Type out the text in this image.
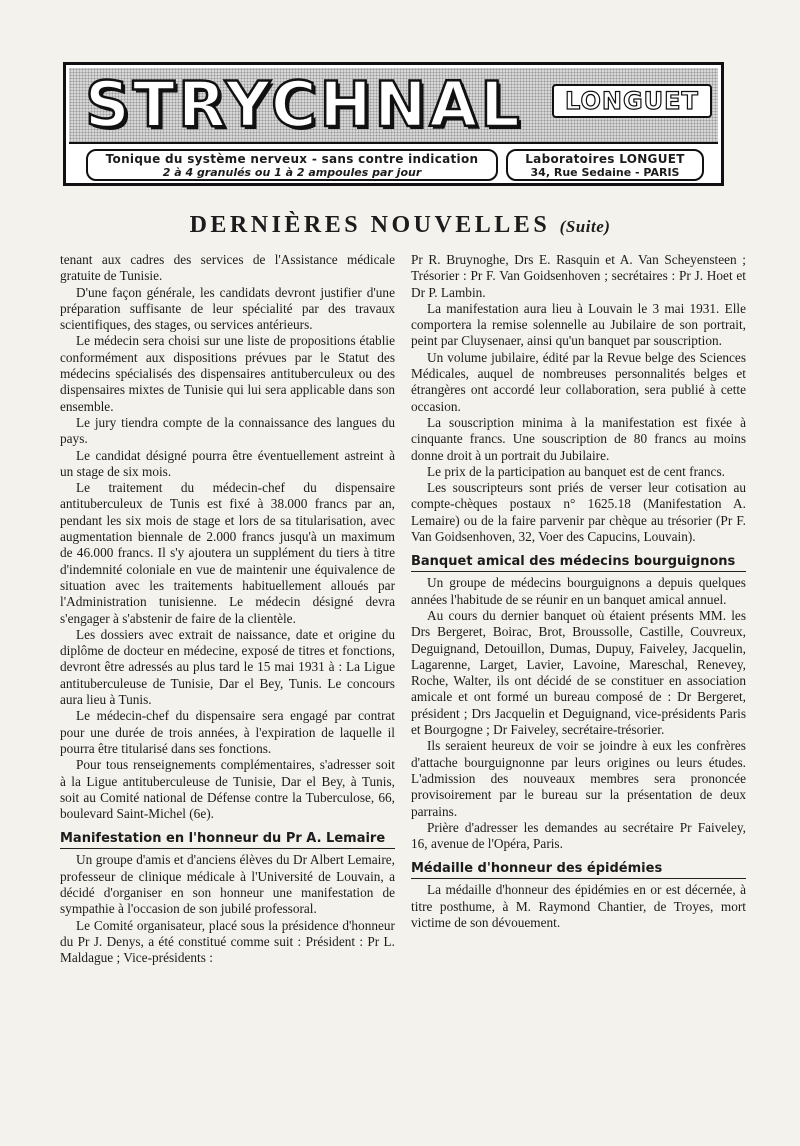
STRYCHNAL	LONGUET
Tonique du système nerveux - sans contre indication
2 à 4 granulés ou 1 à 2 ampoules par jour
Laboratoires LONGUET
34, Rue Sedaine - PARIS
DERNIÈRES NOUVELLES (Suite)

tenant aux cadres des services de l'Assistance médicale gratuite de Tunisie.

D'une façon générale, les candidats devront justifier d'une préparation suffisante de leur spécialité par des travaux scientifiques, des stages, ou services antérieurs.

Le médecin sera choisi sur une liste de propositions établie conformément aux dispositions prévues par le Statut des médecins spécialisés des dispensaires antituberculeux ou des dispensaires mixtes de Tunisie qui lui sera applicable dans son ensemble.

Le jury tiendra compte de la connaissance des langues du pays.

Le candidat désigné pourra être éventuellement astreint à un stage de six mois.

Le traitement du médecin-chef du dispensaire antituberculeux de Tunis est fixé à 38.000 francs par an, pendant les six mois de stage et lors de sa titularisation, avec augmentation biennale de 2.000 francs jusqu'à un maximum de 46.000 francs. Il s'y ajoutera un supplément du tiers à titre d'indemnité coloniale en vue de maintenir une équivalence de situation avec les traitements habituellement alloués par l'Administration tunisienne. Le médecin désigné devra s'engager à s'abstenir de faire de la clientèle.

Les dossiers avec extrait de naissance, date et origine du diplôme de docteur en médecine, exposé de titres et fonctions, devront être adressés au plus tard le 15 mai 1931 à : La Ligue antituberculeuse de Tunisie, Dar el Bey, Tunis. Le concours aura lieu à Tunis.

Le médecin-chef du dispensaire sera engagé par contrat pour une durée de trois années, à l'expiration de laquelle il pourra être titularisé dans ses fonctions.

Pour tous renseignements complémentaires, s'adresser soit à la Ligue antituberculeuse de Tunisie, Dar el Bey, à Tunis, soit au Comité national de Défense contre la Tuberculose, 66, boulevard Saint-Michel (6e).

Manifestation en l'honneur du Pr A. Lemaire

Un groupe d'amis et d'anciens élèves du Dr Albert Lemaire, professeur de clinique médicale à l'Université de Louvain, a décidé d'organiser en son honneur une manifestation de sympathie à l'occasion de son jubilé professoral.

Le Comité organisateur, placé sous la présidence d'honneur du Pr J. Denys, a été constitué comme suit : Président : Pr L. Maldague ; Vice-présidents :

Pr R. Bruynoghe, Drs E. Rasquin et A. Van Scheyensteen ; Trésorier : Pr F. Van Goidsenhoven ; secrétaires : Pr J. Hoet et Dr P. Lambin.

La manifestation aura lieu à Louvain le 3 mai 1931. Elle comportera la remise solennelle au Jubilaire de son portrait, peint par Cluysenaer, ainsi qu'un banquet par souscription.

Un volume jubilaire, édité par la Revue belge des Sciences Médicales, auquel de nombreuses personnalités belges et étrangères ont accordé leur collaboration, sera publié à cette occasion.

La souscription minima à la manifestation est fixée à cinquante francs. Une souscription de 80 francs au moins donne droit à un portrait du Jubilaire.

Le prix de la participation au banquet est de cent francs.

Les souscripteurs sont priés de verser leur cotisation au compte-chèques postaux n° 1625.18 (Manifestation A. Lemaire) ou de la faire parvenir par chèque au trésorier (Pr F. Van Goidsenhoven, 32, Voer des Capucins, Louvain).

Banquet amical des médecins bourguignons

Un groupe de médecins bourguignons a depuis quelques années l'habitude de se réunir en un banquet amical annuel.

Au cours du dernier banquet où étaient présents MM. les Drs Bergeret, Boirac, Brot, Broussolle, Castille, Couvreux, Deguignand, Detouillon, Dumas, Dupuy, Faiveley, Jacquelin, Lagarenne, Larget, Lavier, Lavoine, Mareschal, Renevey, Roche, Walter, ils ont décidé de se constituer en association amicale et ont formé un bureau composé de : Dr Bergeret, président ; Drs Jacquelin et Deguignand, vice-présidents Paris et Bourgogne ; Dr Faiveley, secrétaire-trésorier.

Ils seraient heureux de voir se joindre à eux les confrères d'attache bourguignonne par leurs origines ou leurs études. L'admission des nouveaux membres sera prononcée provisoirement par le bureau sur la présentation de deux parrains.

Prière d'adresser les demandes au secrétaire Pr Faiveley, 16, avenue de l'Opéra, Paris.

Médaille d'honneur des épidémies

La médaille d'honneur des épidémies en or est décernée, à titre posthume, à M. Raymond Chantier, de Troyes, mort victime de son dévouement.
